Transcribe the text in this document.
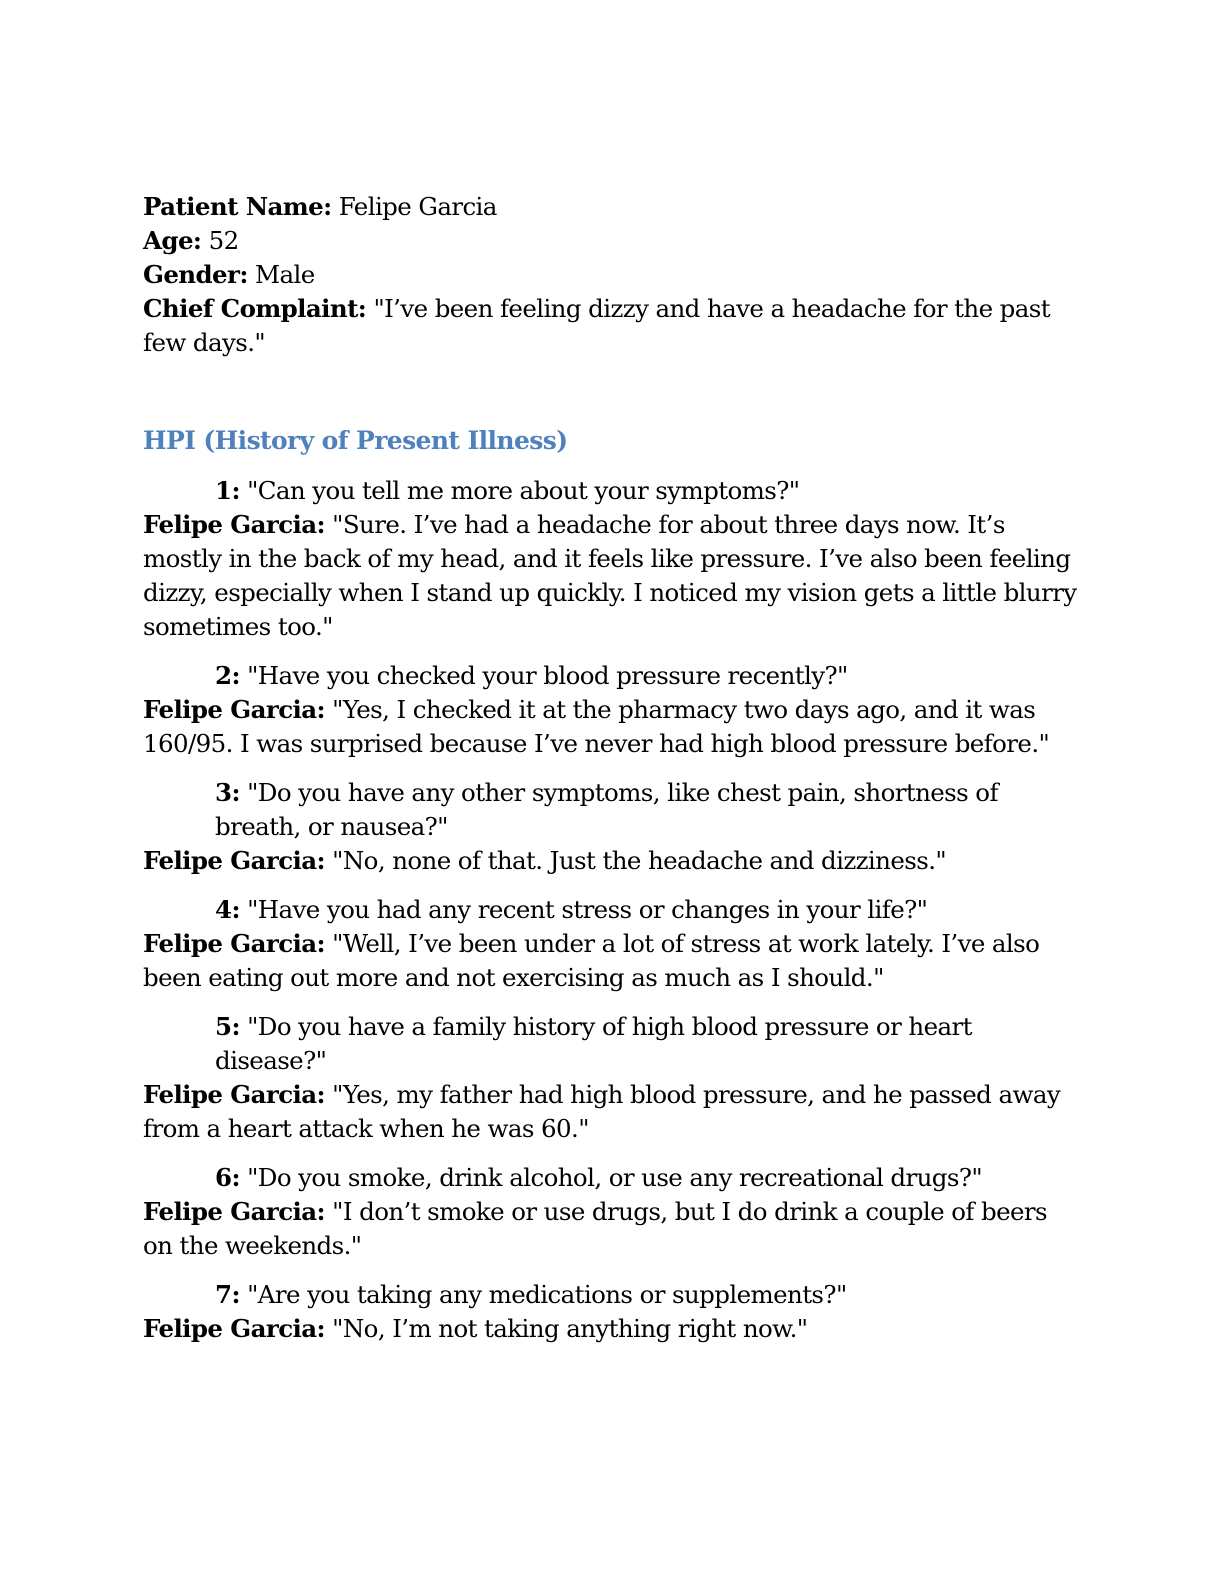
Patient Name: Felipe Garcia
Age: 52
Gender: Male
Chief Complaint: "I’ve been feeling dizzy and have a headache for the past few days."
HPI (History of Present Illness)
1: "Can you tell me more about your symptoms?"
Felipe Garcia: "Sure. I’ve had a headache for about three days now. It’s mostly in the back of my head, and it feels like pressure. I’ve also been feeling dizzy, especially when I stand up quickly. I noticed my vision gets a little blurry sometimes too."
2: "Have you checked your blood pressure recently?"
Felipe Garcia: "Yes, I checked it at the pharmacy two days ago, and it was 160/95. I was surprised because I’ve never had high blood pressure before."
3: "Do you have any other symptoms, like chest pain, shortness of breath, or nausea?"
Felipe Garcia: "No, none of that. Just the headache and dizziness."
4: "Have you had any recent stress or changes in your life?"
Felipe Garcia: "Well, I’ve been under a lot of stress at work lately. I’ve also been eating out more and not exercising as much as I should."
5: "Do you have a family history of high blood pressure or heart disease?"
Felipe Garcia: "Yes, my father had high blood pressure, and he passed away from a heart attack when he was 60."
6: "Do you smoke, drink alcohol, or use any recreational drugs?"
Felipe Garcia: "I don’t smoke or use drugs, but I do drink a couple of beers on the weekends."
7: "Are you taking any medications or supplements?"
Felipe Garcia: "No, I’m not taking anything right now."
